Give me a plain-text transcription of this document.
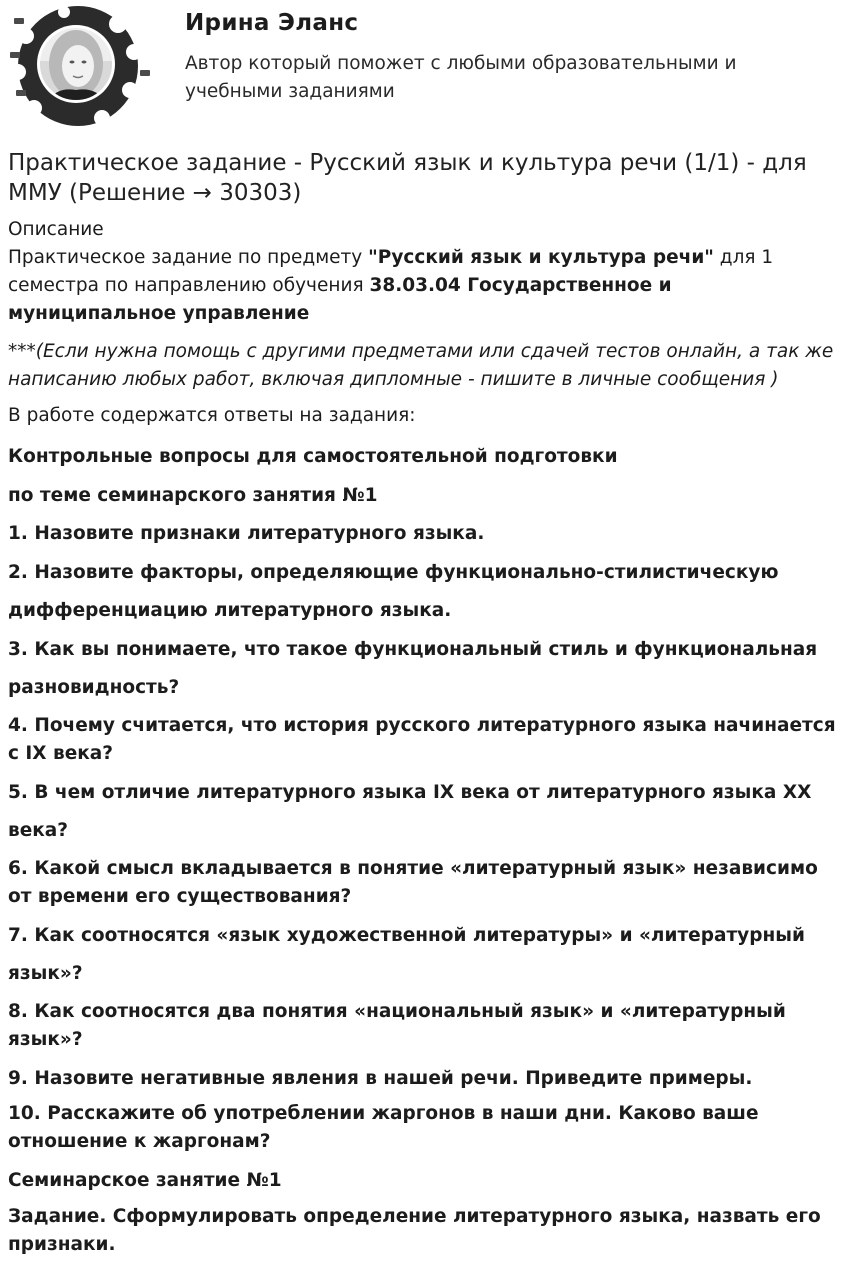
Ирина Эланс
Автор который поможет с любыми образовательными и учебными заданиями
Практическое задание - Русский язык и культура речи (1/1) - для ММУ (Решение → 30303)
Описание

Практическое задание по предмету "Русский язык и культура речи" для 1 семестра по направлению обучения 38.03.04 Государственное и муниципальное управление

***(Если нужна помощь с другими предметами или сдачей тестов онлайн, а так же написанию любых работ, включая дипломные - пишите в личные сообщения )

В работе содержатся ответы на задания:

Контрольные вопросы для самостоятельной подготовки

по теме семинарского занятия №1

1. Назовите признаки литературного языка.

2. Назовите факторы, определяющие функционально-стилистическую

дифференциацию литературного языка.

3. Как вы понимаете, что такое функциональный стиль и функциональная

разновидность?

4. Почему считается, что история русского литературного языка начинается с IX века?

5. В чем отличие литературного языка IX века от литературного языка XX

века?

6. Какой смысл вкладывается в понятие «литературный язык» независимо от времени его существования?

7. Как соотносятся «язык художественной литературы» и «литературный

язык»?

8. Как соотносятся два понятия «национальный язык» и «литературный язык»?

9. Назовите негативные явления в нашей речи. Приведите примеры.

10. Расскажите об употреблении жаргонов в наши дни. Каково ваше отношение к жаргонам?

Семинарское занятие №1

Задание. Сформулировать определение литературного языка, назвать его признаки.
